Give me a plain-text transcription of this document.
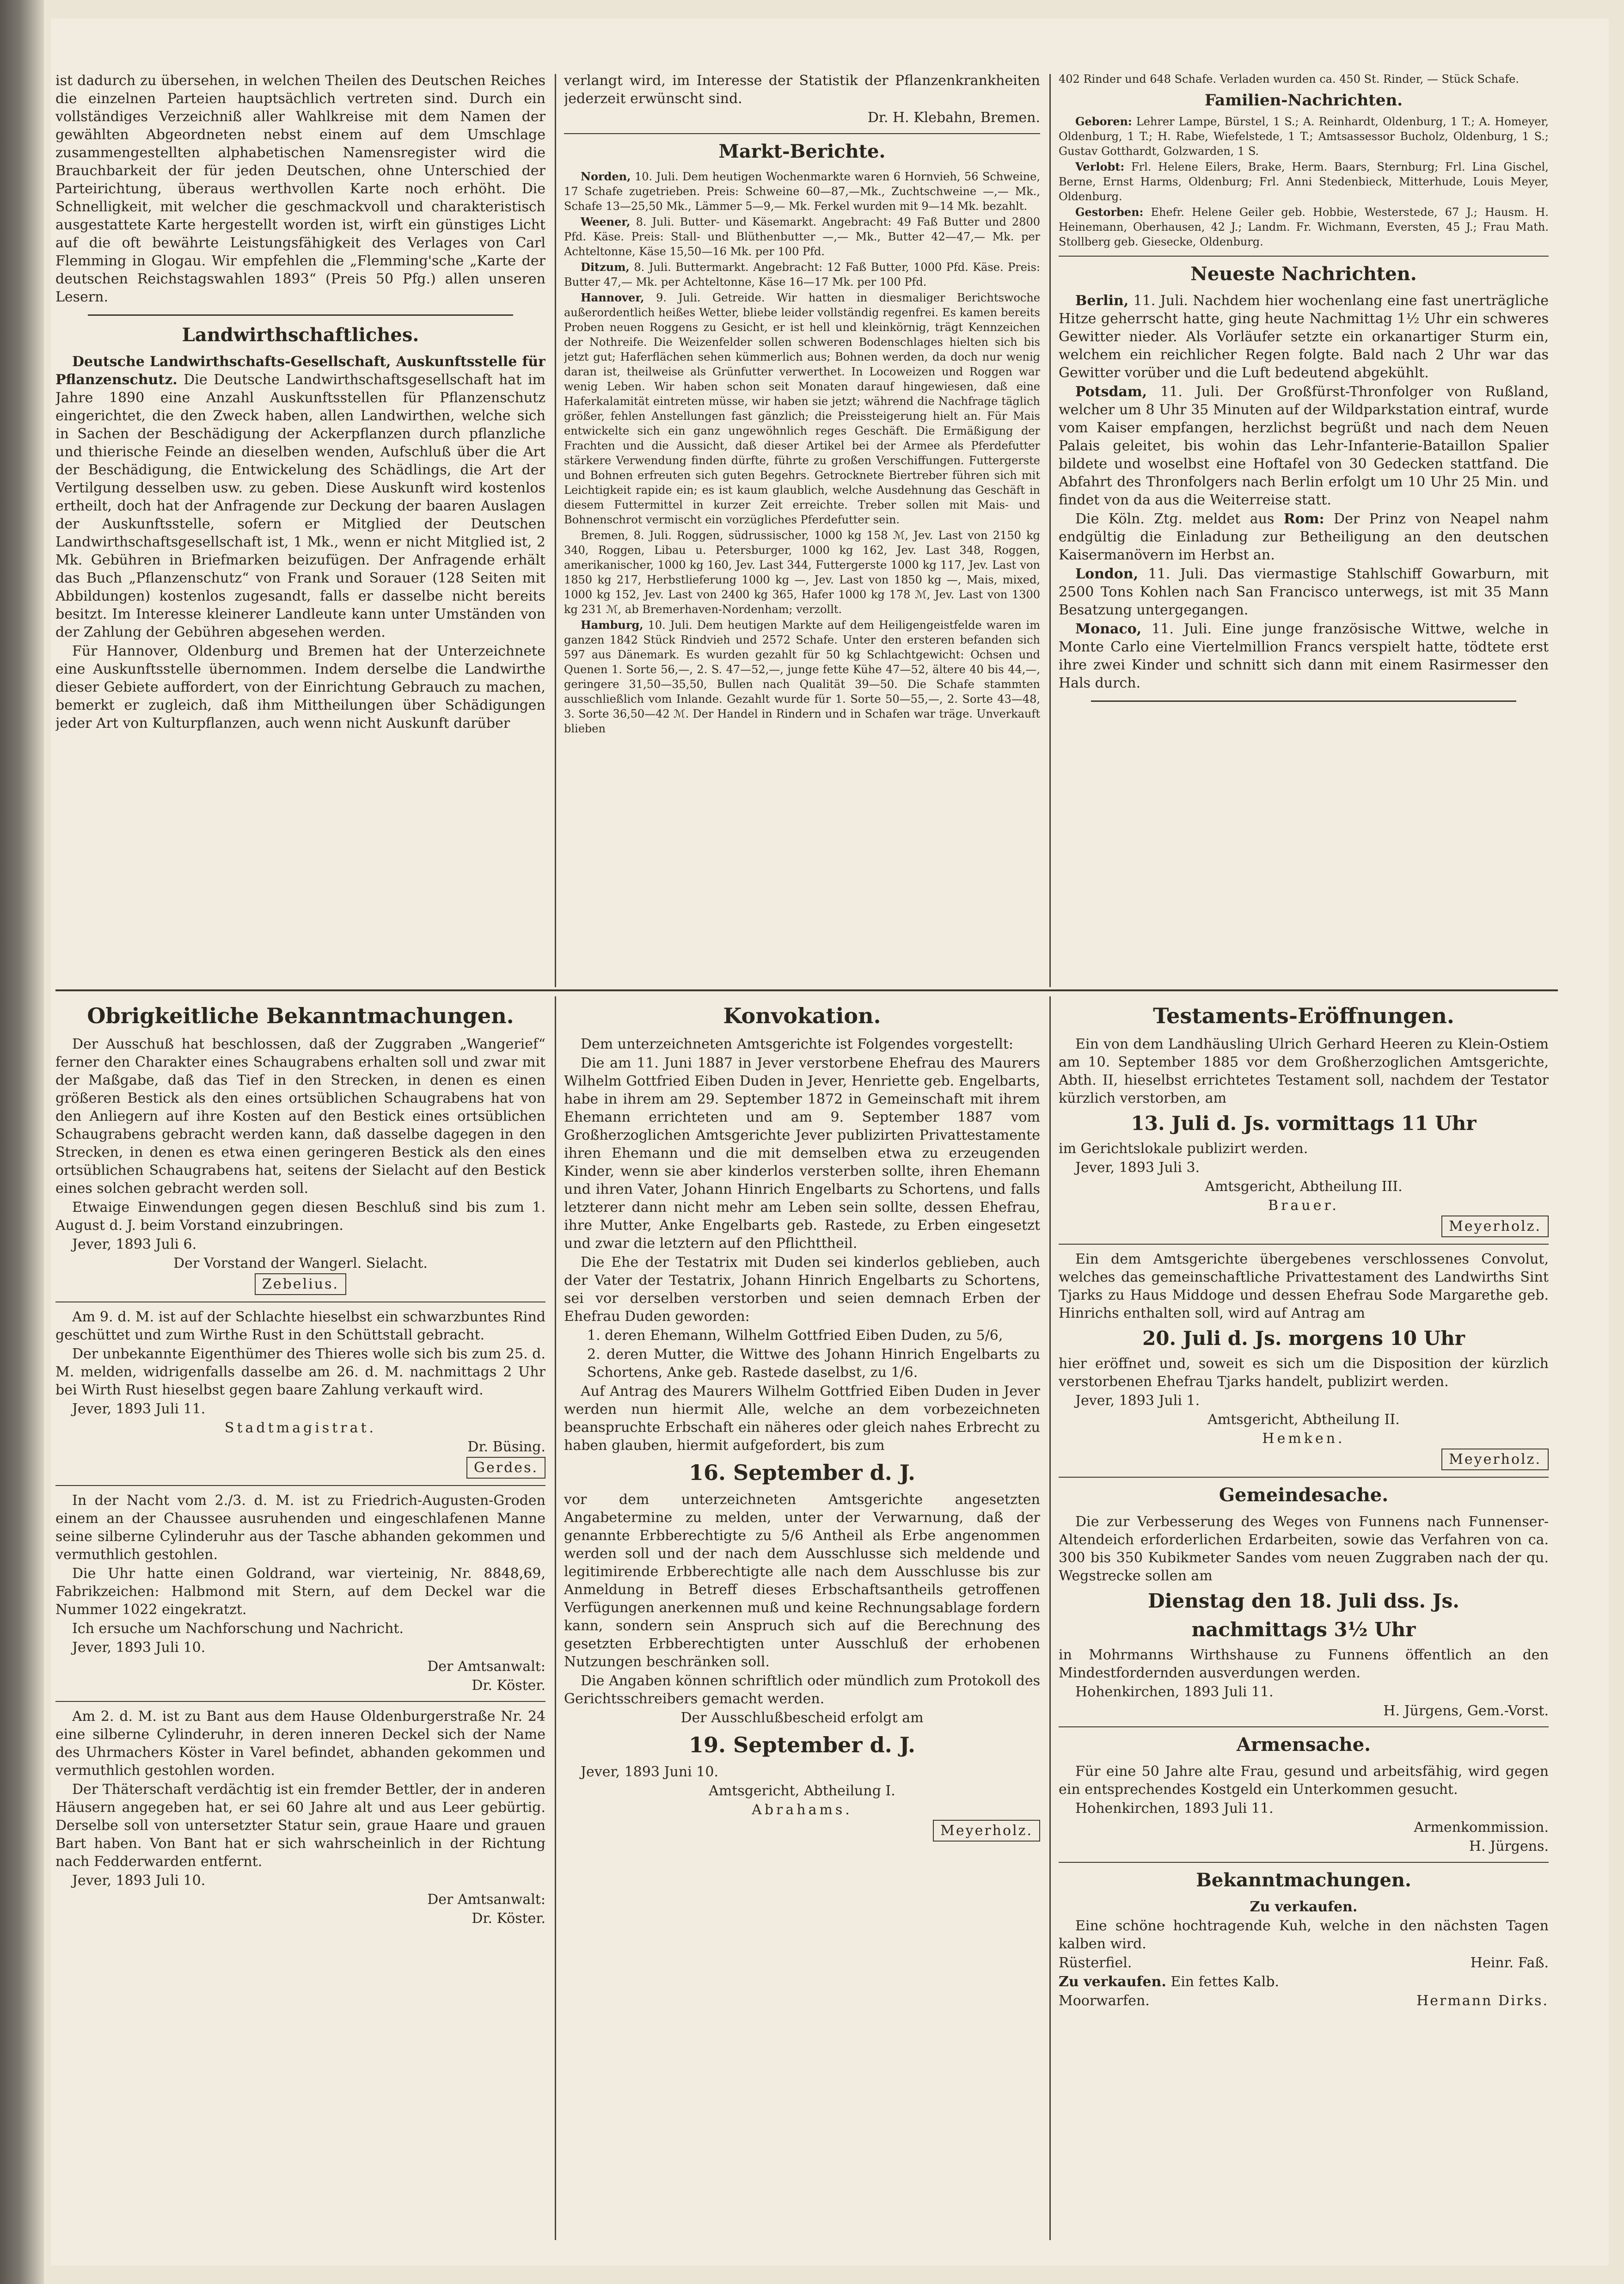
ist dadurch zu übersehen, in welchen Theilen des Deutschen Reiches die einzelnen Parteien hauptsächlich vertreten sind. Durch ein vollständiges Verzeichniß aller Wahlkreise mit dem Namen der gewählten Abgeordneten nebst einem auf dem Umschlage zusammengestellten alphabetischen Namensregister wird die Brauchbarkeit der für jeden Deutschen, ohne Unterschied der Parteirichtung, überaus werthvollen Karte noch erhöht. Die Schnelligkeit, mit welcher die geschmackvoll und charakteristisch ausgestattete Karte hergestellt worden ist, wirft ein günstiges Licht auf die oft bewährte Leistungsfähigkeit des Verlages von Carl Flemming in Glogau. Wir empfehlen die „Flemming'sche „Karte der deutschen Reichstagswahlen 1893“ (Preis 50 Pfg.) allen unseren Lesern.

Landwirthschaftliches.

Deutsche Landwirthschafts-Gesellschaft, Auskunftsstelle für Pflanzenschutz. Die Deutsche Landwirthschaftsgesellschaft hat im Jahre 1890 eine Anzahl Auskunftsstellen für Pflanzenschutz eingerichtet, die den Zweck haben, allen Landwirthen, welche sich in Sachen der Beschädigung der Ackerpflanzen durch pflanzliche und thierische Feinde an dieselben wenden, Aufschluß über die Art der Beschädigung, die Entwickelung des Schädlings, die Art der Vertilgung desselben usw. zu geben. Diese Auskunft wird kostenlos ertheilt, doch hat der Anfragende zur Deckung der baaren Auslagen der Auskunftsstelle, sofern er Mitglied der Deutschen Landwirthschaftsgesellschaft ist, 1 Mk., wenn er nicht Mitglied ist, 2 Mk. Gebühren in Briefmarken beizufügen. Der Anfragende erhält das Buch „Pflanzenschutz“ von Frank und Sorauer (128 Seiten mit Abbildungen) kostenlos zugesandt, falls er dasselbe nicht bereits besitzt. Im Interesse kleinerer Landleute kann unter Umständen von der Zahlung der Gebühren abgesehen werden.

Für Hannover, Oldenburg und Bremen hat der Unterzeichnete eine Auskunftsstelle übernommen. Indem derselbe die Landwirthe dieser Gebiete auffordert, von der Einrichtung Gebrauch zu machen, bemerkt er zugleich, daß ihm Mittheilungen über Schädigungen jeder Art von Kulturpflanzen, auch wenn nicht Auskunft darüber

verlangt wird, im Interesse der Statistik der Pflanzenkrankheiten jederzeit erwünscht sind.

Dr. H. Klebahn, Bremen.

Markt-Berichte.

Norden, 10. Juli. Dem heutigen Wochenmarkte waren 6 Hornvieh, 56 Schweine, 17 Schafe zugetrieben. Preis: Schweine 60—87,—Mk., Zuchtschweine —,— Mk., Schafe 13—25,50 Mk., Lämmer 5—9,— Mk. Ferkel wurden mit 9—14 Mk. bezahlt.

Weener, 8. Juli. Butter- und Käsemarkt. Angebracht: 49 Faß Butter und 2800 Pfd. Käse. Preis: Stall- und Blüthenbutter —,— Mk., Butter 42—47,— Mk. per Achteltonne, Käse 15,50—16 Mk. per 100 Pfd.

Ditzum, 8. Juli. Buttermarkt. Angebracht: 12 Faß Butter, 1000 Pfd. Käse. Preis: Butter 47,— Mk. per Achteltonne, Käse 16—17 Mk. per 100 Pfd.

Hannover, 9. Juli. Getreide. Wir hatten in diesmaliger Berichtswoche außerordentlich heißes Wetter, bliebe leider vollständig regenfrei. Es kamen bereits Proben neuen Roggens zu Gesicht, er ist hell und kleinkörnig, trägt Kennzeichen der Nothreife. Die Weizenfelder sollen schweren Bodenschlages hielten sich bis jetzt gut; Haferflächen sehen kümmerlich aus; Bohnen werden, da doch nur wenig daran ist, theilweise als Grünfutter verwerthet. In Locoweizen und Roggen war wenig Leben. Wir haben schon seit Monaten darauf hingewiesen, daß eine Haferkalamität eintreten müsse, wir haben sie jetzt; während die Nachfrage täglich größer, fehlen Anstellungen fast gänzlich; die Preissteigerung hielt an. Für Mais entwickelte sich ein ganz ungewöhnlich reges Geschäft. Die Ermäßigung der Frachten und die Aussicht, daß dieser Artikel bei der Armee als Pferdefutter stärkere Verwendung finden dürfte, führte zu großen Verschiffungen. Futtergerste und Bohnen erfreuten sich guten Begehrs. Getrocknete Biertreber führen sich mit Leichtigkeit rapide ein; es ist kaum glaublich, welche Ausdehnung das Geschäft in diesem Futtermittel in kurzer Zeit erreichte. Treber sollen mit Mais- und Bohnenschrot vermischt ein vorzügliches Pferdefutter sein.

Bremen, 8. Juli. Roggen, südrussischer, 1000 kg 158 ℳ, Jev. Last von 2150 kg 340, Roggen, Libau u. Petersburger, 1000 kg 162, Jev. Last 348, Roggen, amerikanischer, 1000 kg 160, Jev. Last 344, Futtergerste 1000 kg 117, Jev. Last von 1850 kg 217, Herbstlieferung 1000 kg —, Jev. Last von 1850 kg —, Mais, mixed, 1000 kg 152, Jev. Last von 2400 kg 365, Hafer 1000 kg 178 ℳ, Jev. Last von 1300 kg 231 ℳ, ab Bremerhaven-Nordenham; verzollt.

Hamburg, 10. Juli. Dem heutigen Markte auf dem Heiligengeistfelde waren im ganzen 1842 Stück Rindvieh und 2572 Schafe. Unter den ersteren befanden sich 597 aus Dänemark. Es wurden gezahlt für 50 kg Schlachtgewicht: Ochsen und Quenen 1. Sorte 56,—, 2. S. 47—52,—, junge fette Kühe 47—52, ältere 40 bis 44,—, geringere 31,50—35,50, Bullen nach Qualität 39—50. Die Schafe stammten ausschließlich vom Inlande. Gezahlt wurde für 1. Sorte 50—55,—, 2. Sorte 43—48, 3. Sorte 36,50—42 ℳ. Der Handel in Rindern und in Schafen war träge. Unverkauft blieben

402 Rinder und 648 Schafe. Verladen wurden ca. 450 St. Rinder, — Stück Schafe.

Familien-Nachrichten.

Geboren: Lehrer Lampe, Bürstel, 1 S.; A. Reinhardt, Oldenburg, 1 T.; A. Homeyer, Oldenburg, 1 T.; H. Rabe, Wiefelstede, 1 T.; Amtsassessor Bucholz, Oldenburg, 1 S.; Gustav Gotthardt, Golzwarden, 1 S.

Verlobt: Frl. Helene Eilers, Brake, Herm. Baars, Sternburg; Frl. Lina Gischel, Berne, Ernst Harms, Oldenburg; Frl. Anni Stedenbieck, Mitterhude, Louis Meyer, Oldenburg.

Gestorben: Ehefr. Helene Geiler geb. Hobbie, Westerstede, 67 J.; Hausm. H. Heinemann, Oberhausen, 42 J.; Landm. Fr. Wichmann, Eversten, 45 J.; Frau Math. Stollberg geb. Giesecke, Oldenburg.

Neueste Nachrichten.

Berlin, 11. Juli. Nachdem hier wochenlang eine fast unerträgliche Hitze geherrscht hatte, ging heute Nachmittag 1½ Uhr ein schweres Gewitter nieder. Als Vorläufer setzte ein orkanartiger Sturm ein, welchem ein reichlicher Regen folgte. Bald nach 2 Uhr war das Gewitter vorüber und die Luft bedeutend abgekühlt.

Potsdam, 11. Juli. Der Großfürst-Thronfolger von Rußland, welcher um 8 Uhr 35 Minuten auf der Wildparkstation eintraf, wurde vom Kaiser empfangen, herzlichst begrüßt und nach dem Neuen Palais geleitet, bis wohin das Lehr-Infanterie-Bataillon Spalier bildete und woselbst eine Hoftafel von 30 Gedecken stattfand. Die Abfahrt des Thronfolgers nach Berlin erfolgt um 10 Uhr 25 Min. und findet von da aus die Weiterreise statt.

Die Köln. Ztg. meldet aus Rom: Der Prinz von Neapel nahm endgültig die Einladung zur Betheiligung an den deutschen Kaisermanövern im Herbst an.

London, 11. Juli. Das viermastige Stahlschiff Gowarburn, mit 2500 Tons Kohlen nach San Francisco unterwegs, ist mit 35 Mann Besatzung untergegangen.

Monaco, 11. Juli. Eine junge französische Wittwe, welche in Monte Carlo eine Viertelmillion Francs verspielt hatte, tödtete erst ihre zwei Kinder und schnitt sich dann mit einem Rasirmesser den Hals durch.

Obrigkeitliche Bekanntmachungen.

Der Ausschuß hat beschlossen, daß der Zuggraben „Wangerief“ ferner den Charakter eines Schaugrabens erhalten soll und zwar mit der Maßgabe, daß das Tief in den Strecken, in denen es einen größeren Bestick als den eines ortsüblichen Schaugrabens hat von den Anliegern auf ihre Kosten auf den Bestick eines ortsüblichen Schaugrabens gebracht werden kann, daß dasselbe dagegen in den Strecken, in denen es etwa einen geringeren Bestick als den eines ortsüblichen Schaugrabens hat, seitens der Sielacht auf den Bestick eines solchen gebracht werden soll.

Etwaige Einwendungen gegen diesen Beschluß sind bis zum 1. August d. J. beim Vorstand einzubringen.

Jever, 1893 Juli 6.

Der Vorstand der Wangerl. Sielacht.

Zebelius.

Am 9. d. M. ist auf der Schlachte hieselbst ein schwarzbuntes Rind geschüttet und zum Wirthe Rust in den Schüttstall gebracht.

Der unbekannte Eigenthümer des Thieres wolle sich bis zum 25. d. M. melden, widrigenfalls dasselbe am 26. d. M. nachmittags 2 Uhr bei Wirth Rust hieselbst gegen baare Zahlung verkauft wird.

Jever, 1893 Juli 11.

Stadtmagistrat.

Dr. Büsing.

Gerdes.

In der Nacht vom 2./3. d. M. ist zu Friedrich-Augusten-Groden einem an der Chaussee ausruhenden und eingeschlafenen Manne seine silberne Cylinderuhr aus der Tasche abhanden gekommen und vermuthlich gestohlen.

Die Uhr hatte einen Goldrand, war vierteinig, Nr. 8848,69, Fabrikzeichen: Halbmond mit Stern, auf dem Deckel war die Nummer 1022 eingekratzt.

Ich ersuche um Nachforschung und Nachricht.

Jever, 1893 Juli 10.

Der Amtsanwalt:

Dr. Köster.

Am 2. d. M. ist zu Bant aus dem Hause Oldenburgerstraße Nr. 24 eine silberne Cylinderuhr, in deren inneren Deckel sich der Name des Uhrmachers Köster in Varel befindet, abhanden gekommen und vermuthlich gestohlen worden.

Der Thäterschaft verdächtig ist ein fremder Bettler, der in anderen Häusern angegeben hat, er sei 60 Jahre alt und aus Leer gebürtig. Derselbe soll von untersetzter Statur sein, graue Haare und grauen Bart haben. Von Bant hat er sich wahrscheinlich in der Richtung nach Fedderwarden entfernt.

Jever, 1893 Juli 10.

Der Amtsanwalt:

Dr. Köster.

Konvokation.

Dem unterzeichneten Amtsgerichte ist Folgendes vorgestellt:

Die am 11. Juni 1887 in Jever verstorbene Ehefrau des Maurers Wilhelm Gottfried Eiben Duden in Jever, Henriette geb. Engelbarts, habe in ihrem am 29. September 1872 in Gemeinschaft mit ihrem Ehemann errichteten und am 9. September 1887 vom Großherzoglichen Amtsgerichte Jever publizirten Privattestamente ihren Ehemann und die mit demselben etwa zu erzeugenden Kinder, wenn sie aber kinderlos versterben sollte, ihren Ehemann und ihren Vater, Johann Hinrich Engelbarts zu Schortens, und falls letzterer dann nicht mehr am Leben sein sollte, dessen Ehefrau, ihre Mutter, Anke Engelbarts geb. Rastede, zu Erben eingesetzt und zwar die letztern auf den Pflichttheil.

Die Ehe der Testatrix mit Duden sei kinderlos geblieben, auch der Vater der Testatrix, Johann Hinrich Engelbarts zu Schortens, sei vor derselben verstorben und seien demnach Erben der Ehefrau Duden geworden:

1. deren Ehemann, Wilhelm Gottfried Eiben Duden, zu 5/6,

2. deren Mutter, die Wittwe des Johann Hinrich Engelbarts zu Schortens, Anke geb. Rastede daselbst, zu 1/6.

Auf Antrag des Maurers Wilhelm Gottfried Eiben Duden in Jever werden nun hiermit Alle, welche an dem vorbezeichneten beanspruchte Erbschaft ein näheres oder gleich nahes Erbrecht zu haben glauben, hiermit aufgefordert, bis zum

16. September d. J.

vor dem unterzeichneten Amtsgerichte angesetzten Angabetermine zu melden, unter der Verwarnung, daß der genannte Erbberechtigte zu 5/6 Antheil als Erbe angenommen werden soll und der nach dem Ausschlusse sich meldende und legitimirende Erbberechtigte alle nach dem Ausschlusse bis zur Anmeldung in Betreff dieses Erbschaftsantheils getroffenen Verfügungen anerkennen muß und keine Rechnungsablage fordern kann, sondern sein Anspruch sich auf die Berechnung des gesetzten Erbberechtigten unter Ausschluß der erhobenen Nutzungen beschränken soll.

Die Angaben können schriftlich oder mündlich zum Protokoll des Gerichtsschreibers gemacht werden.

Der Ausschlußbescheid erfolgt am

19. September d. J.

Jever, 1893 Juni 10.

Amtsgericht, Abtheilung I.

Abrahams.

Meyerholz.

Testaments-Eröffnungen.

Ein von dem Landhäusling Ulrich Gerhard Heeren zu Klein-Ostiem am 10. September 1885 vor dem Großherzoglichen Amtsgerichte, Abth. II, hieselbst errichtetes Testament soll, nachdem der Testator kürzlich verstorben, am

13. Juli d. Js. vormittags 11 Uhr

im Gerichtslokale publizirt werden.

Jever, 1893 Juli 3.

Amtsgericht, Abtheilung III.

Brauer.

Meyerholz.

Ein dem Amtsgerichte übergebenes verschlossenes Convolut, welches das gemeinschaftliche Privattestament des Landwirths Sint Tjarks zu Haus Middoge und dessen Ehefrau Sode Margarethe geb. Hinrichs enthalten soll, wird auf Antrag am

20. Juli d. Js. morgens 10 Uhr

hier eröffnet und, soweit es sich um die Disposition der kürzlich verstorbenen Ehefrau Tjarks handelt, publizirt werden.

Jever, 1893 Juli 1.

Amtsgericht, Abtheilung II.

Hemken.

Meyerholz.

Gemeindesache.

Die zur Verbesserung des Weges von Funnens nach Funnenser-Altendeich erforderlichen Erdarbeiten, sowie das Verfahren von ca. 300 bis 350 Kubikmeter Sandes vom neuen Zuggraben nach der qu. Wegstrecke sollen am

Dienstag den 18. Juli dss. Js.
nachmittags 3½ Uhr

in Mohrmanns Wirthshause zu Funnens öffentlich an den Mindestfordernden ausverdungen werden.

Hohenkirchen, 1893 Juli 11.

H. Jürgens, Gem.-Vorst.

Armensache.

Für eine 50 Jahre alte Frau, gesund und arbeitsfähig, wird gegen ein entsprechendes Kostgeld ein Unterkommen gesucht.

Hohenkirchen, 1893 Juli 11.

Armenkommission.

H. Jürgens.

Bekanntmachungen.

Zu verkaufen.

Eine schöne hochtragende Kuh, welche in den nächsten Tagen kalben wird.

Rüsterfiel.	Heinr. Faß.

Zu verkaufen. Ein fettes Kalb.

Moorwarfen.	Hermann Dirks.
